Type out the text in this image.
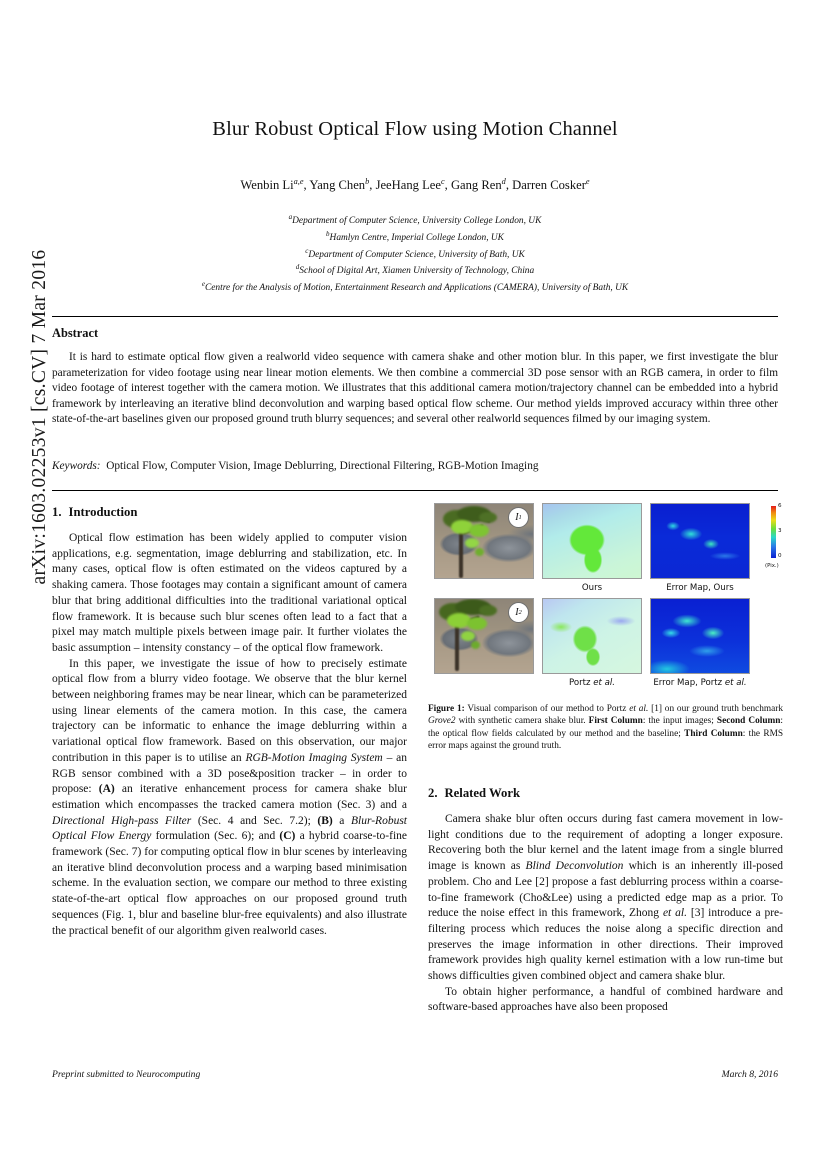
arXiv:1603.02253v1 [cs.CV] 7 Mar 2016
Blur Robust Optical Flow using Motion Channel
Wenbin Li$^{a,e}$, Yang Chen$^b$, JeeHang Lee$^c$, Gang Ren$^d$, Darren Cosker$^e$
$^a$Department of Computer Science, University College London, UK
$^b$Hamlyn Centre, Imperial College London, UK
$^c$Department of Computer Science, University of Bath, UK
$^d$School of Digital Art, Xiamen University of Technology, China
$^e$Centre for the Analysis of Motion, Entertainment Research and Applications (CAMERA), University of Bath, UK
Abstract

It is hard to estimate optical flow given a realworld video sequence with camera shake and other motion blur. In this paper, we first investigate the blur parameterization for video footage using near linear motion elements. We then combine a commercial 3D pose sensor with an RGB camera, in order to film video footage of interest together with the camera motion. We illustrates that this additional camera motion/trajectory channel can be embedded into a hybrid framework by interleaving an iterative blind deconvolution and warping based optical flow scheme. Our method yields improved accuracy within three other state-of-the-art baselines given our proposed ground truth blurry sequences; and several other realworld sequences filmed by our imaging system.

Keywords: Optical Flow, Computer Vision, Image Deblurring, Directional Filtering, RGB-Motion Imaging
1. Introduction

Optical flow estimation has been widely applied to computer vision applications, e.g. segmentation, image deblurring and stabilization, etc. In many cases, optical flow is often estimated on the videos captured by a shaking camera. Those footages may contain a significant amount of camera blur that bring additional difficulties into the traditional variational optical flow framework. It is because such blur scenes often lead to a fact that a pixel may match multiple pixels between image pair. It further violates the basic assumption – intensity constancy – of the optical flow framework.

In this paper, we investigate the issue of how to precisely estimate optical flow from a blurry video footage. We observe that the blur kernel between neighboring frames may be near linear, which can be parameterized using linear elements of the camera motion. In this case, the camera trajectory can be informatic to enhance the image deblurring within a variational optical flow framework. Based on this observation, our major contribution in this paper is to utilise an RGB-Motion Imaging System – an RGB sensor combined with a 3D pose&position tracker – in order to propose: (A) an iterative enhancement process for camera shake blur estimation which encompasses the tracked camera motion (Sec. 3) and a Directional High-pass Filter (Sec. 4 and Sec. 7.2); (B) a Blur-Robust Optical Flow Energy formulation (Sec. 6); and (C) a hybrid coarse-to-fine framework (Sec. 7) for computing optical flow in blur scenes by interleaving an iterative blind deconvolution process and a warping based minimisation scheme. In the evaluation section, we compare our method to three existing state-of-the-art optical flow approaches on our proposed ground truth sequences (Fig. 1, blur and baseline blur-free equivalents) and also illustrate the practical benefit of our algorithm given realworld cases.

I 1
Ours	Error Map, Ours
6
3
0
(Pix.)
I 2
Portz et al.	Error Map, Portz et al.
Figure 1: Visual comparison of our method to Portz et al. [1] on our ground truth benchmark Grove2 with synthetic camera shake blur. First Column: the input images; Second Column: the optical flow fields calculated by our method and the baseline; Third Column: the RMS error maps against the ground truth.
2. Related Work

Camera shake blur often occurs during fast camera movement in low-light conditions due to the requirement of adopting a longer exposure. Recovering both the blur kernel and the latent image from a single blurred image is known as Blind Deconvolution which is an inherently ill-posed problem. Cho and Lee [2] propose a fast deblurring process within a coarse-to-fine framework (Cho&Lee) using a predicted edge map as a prior. To reduce the noise effect in this framework, Zhong et al. [3] introduce a pre-filtering process which reduces the noise along a specific direction and preserves the image information in other directions. Their improved framework provides high quality kernel estimation with a low run-time but shows difficulties given combined object and camera shake blur.

To obtain higher performance, a handful of combined hardware and software-based approaches have also been proposed

Preprint submitted to Neurocomputing	March 8, 2016
